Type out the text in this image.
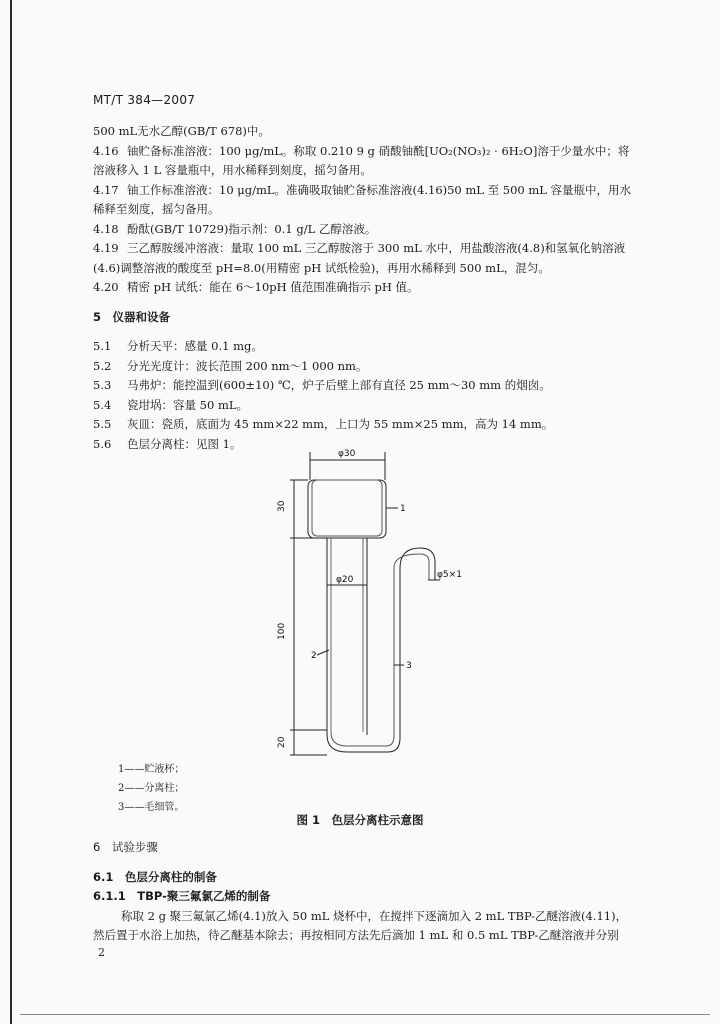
MT/T 384—2007
500 mL无水乙醇(GB/T 678)中。
4.16 铀贮备标准溶液：100 μg/mL。称取 0.210 9 g 硝酸铀酰[UO₂(NO₃)₂ · 6H₂O]溶于少量水中；将
溶液移入 1 L 容量瓶中，用水稀释到刻度，摇匀备用。
4.17 铀工作标准溶液：10 μg/mL。准确吸取铀贮备标准溶液(4.16)50 mL 至 500 mL 容量瓶中，用水
稀释至刻度，摇匀备用。
4.18 酚酞(GB/T 10729)指示剂：0.1 g/L 乙醇溶液。
4.19 三乙醇胺缓冲溶液：量取 100 mL 三乙醇胺溶于 300 mL 水中，用盐酸溶液(4.8)和氢氧化钠溶液
(4.6)调整溶液的酸度至 pH=8.0(用精密 pH 试纸检验)，再用水稀释到 500 mL，混匀。
4.20 精密 pH 试纸：能在 6～10pH 值范围准确指示 pH 值。
5　仪器和设备
5.1 分析天平：感量 0.1 mg。
5.2 分光光度计：波长范围 200 nm～1 000 nm。
5.3 马弗炉：能控温到(600±10) ℃，炉子后壁上部有直径 25 mm～30 mm 的烟囱。
5.4 瓷坩埚：容量 50 mL。
5.5 灰皿：瓷质，底面为 45 mm×22 mm，上口为 55 mm×25 mm，高为 14 mm。
5.6 色层分离柱：见图 1。
φ30
φ20	φ5×1
30
100
20
1
2
3
1——贮液杯；
2——分离柱；
3——毛细管。
图 1　色层分离柱示意图
6　试验步骤
6.1　色层分离柱的制备
6.1.1　TBP-聚三氟氯乙烯的制备
称取 2 g 聚三氟氯乙烯(4.1)放入 50 mL 烧杯中，在搅拌下逐滴加入 2 mL TBP-乙醚溶液(4.11)，
然后置于水浴上加热，待乙醚基本除去；再按相同方法先后滴加 1 mL 和 0.5 mL TBP-乙醚溶液并分别
2
